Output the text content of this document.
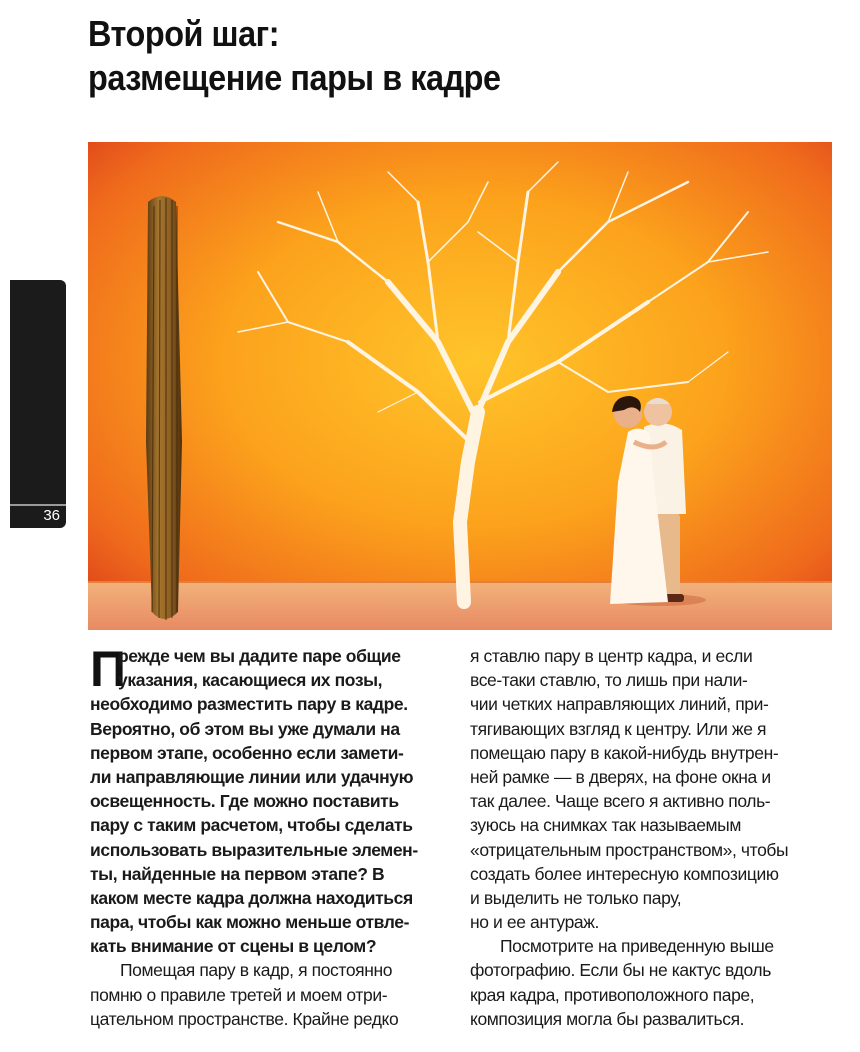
Второй шаг:
размещение пары в кадре
36
П
режде чем вы дадите паре общие
указания, касающиеся их позы,
необходимо разместить пару в кадре.
Вероятно, об этом вы уже думали на
первом этапе, особенно если замети-
ли направляющие линии или удачную
освещенность. Где можно поставить
пару с таким расчетом, чтобы сделать
использовать выразительные элемен-
ты, найденные на первом этапе? В
каком месте кадра должна находиться
пара, чтобы как можно меньше отвле-
кать внимание от сцены в целом?
Помещая пару в кадр, я постоянно
помню о правиле третей и моем отри-
цательном пространстве. Крайне редко
я ставлю пару в центр кадра, и если
все-таки ставлю, то лишь при нали-
чии четких направляющих линий, при-
тягивающих взгляд к центру. Или же я
помещаю пару в какой-нибудь внутрен-
ней рамке — в дверях, на фоне окна и
так далее. Чаще всего я активно поль-
зуюсь на снимках так называемым
«отрицательным пространством», чтобы
создать более интересную композицию
и выделить не только пару,
но и ее антураж.
Посмотрите на приведенную выше
фотографию. Если бы не кактус вдоль
края кадра, противоположного паре,
композиция могла бы развалиться.
